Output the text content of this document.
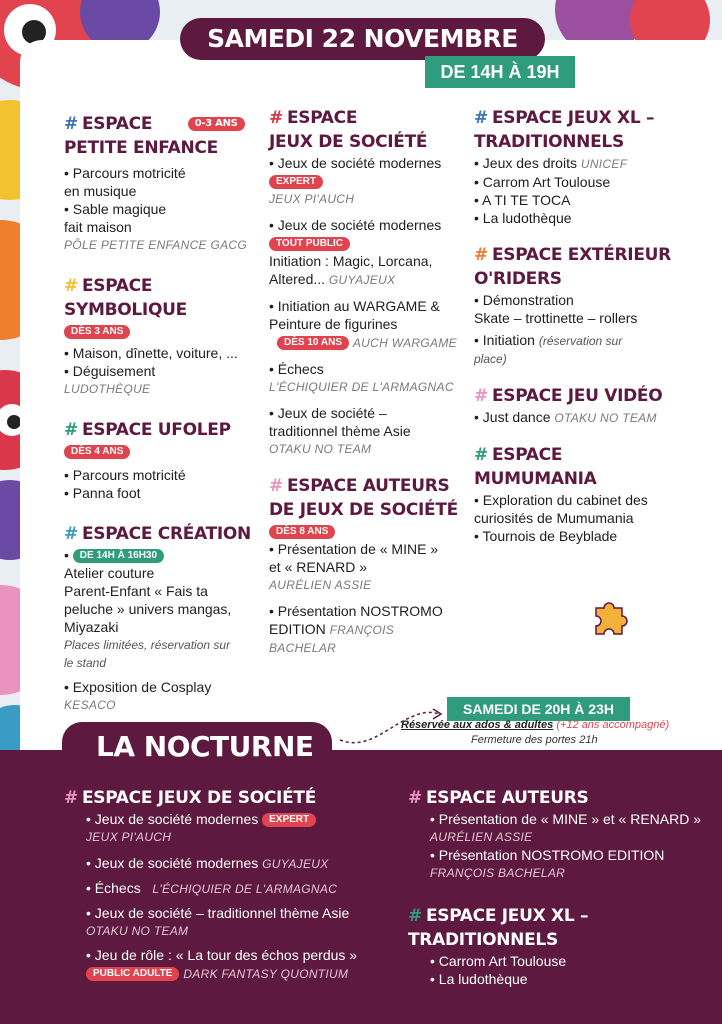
SAMEDI 22 NOVEMBRE
DE 14H À 19H
# ESPACE	0-3 ANS
PETITE ENFANCE
• Parcours motricité
en musique
• Sable magique
fait maison
PÔLE PETITE ENFANCE GACG
# ESPACE
SYMBOLIQUE
DÈS 3 ANS
• Maison, dînette, voiture, ...
• Déguisement
LUDOTHÈQUE
# ESPACE UFOLEP
DÈS 4 ANS
• Parcours motricité
• Panna foot
# ESPACE CRÉATION
• DE 14H À 16H30
Atelier couture
Parent-Enfant « Fais ta
peluche » univers mangas,
Miyazaki
Places limitées, réservation sur
le stand
• Exposition de Cosplay
KESACO
# ESPACE
JEUX DE SOCIÉTÉ
• Jeux de société modernes
EXPERT
JEUX PI'AUCH
• Jeux de société modernes
TOUT PUBLIC
Initiation : Magic, Lorcana,
Altered... GUYAJEUX
• Initiation au WARGAME &
Peinture de figurines
DÈS 10 ANS AUCH WARGAME
• Échecs
L'ÉCHIQUIER DE L'ARMAGNAC
• Jeux de société –
traditionnel thème Asie
OTAKU NO TEAM
# ESPACE AUTEURS
DE JEUX DE SOCIÉTÉ
DÈS 8 ANS
• Présentation de « MINE »
et « RENARD »
AURÉLIEN ASSIE
• Présentation NOSTROMO
EDITION FRANÇOIS
BACHELAR
# ESPACE JEUX XL –
TRADITIONNELS
• Jeux des droits UNICEF
• Carrom Art Toulouse
• A TI TE TOCA
• La ludothèque
# ESPACE EXTÉRIEUR
O'RIDERS
• Démonstration
Skate – trottinette – rollers
• Initiation (réservation sur
place)
# ESPACE JEU VIDÉO
• Just dance OTAKU NO TEAM
# ESPACE
MUMUMANIA
• Exploration du cabinet des
curiosités de Mumumania
• Tournois de Beyblade
LA NOCTURNE
SAMEDI DE 20H À 23H
Réservée aux ados & adultes (+12 ans accompagné)
Fermeture des portes 21h
# ESPACE JEUX DE SOCIÉTÉ
• Jeux de société modernes EXPERT
JEUX PI'AUCH
• Jeux de société modernes GUYAJEUX
• Échecs L'ÉCHIQUIER DE L'ARMAGNAC
• Jeux de société – traditionnel thème Asie
OTAKU NO TEAM
• Jeu de rôle : « La tour des échos perdus »
PUBLIC ADULTE DARK FANTASY QUONTIUM
# ESPACE AUTEURS
• Présentation de « MINE » et « RENARD »
AURÉLIEN ASSIE
• Présentation NOSTROMO EDITION
FRANÇOIS BACHELAR
# ESPACE JEUX XL – TRADITIONNELS
• Carrom Art Toulouse
• La ludothèque
